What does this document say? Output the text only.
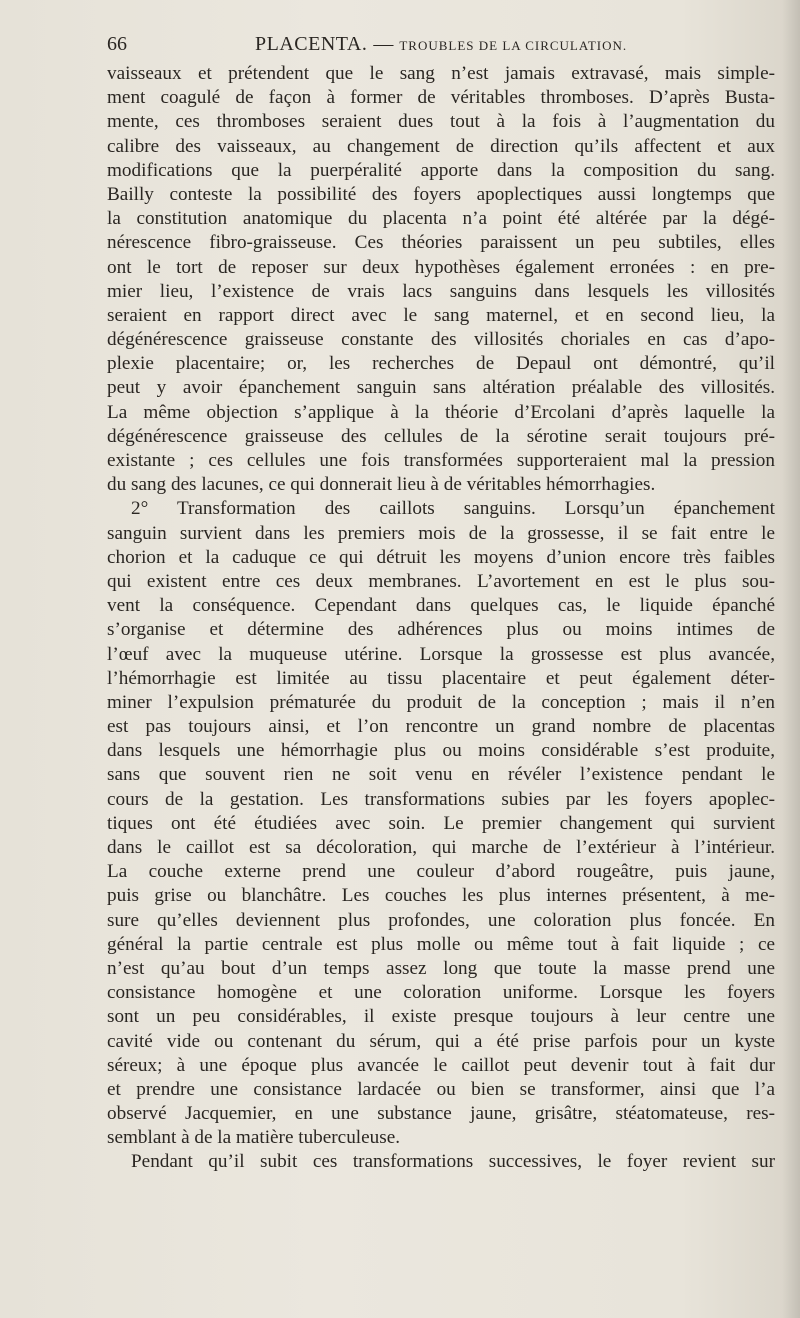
66	PLACENTA. — TROUBLES DE LA CIRCULATION.
vaisseaux et prétendent que le sang n’est jamais extravasé, mais simple-
ment coagulé de façon à former de véritables thromboses. D’après Busta-
mente, ces thromboses seraient dues tout à la fois à l’augmentation du
calibre des vaisseaux, au changement de direction qu’ils affectent et aux
modifications que la puerpéralité apporte dans la composition du sang.
Bailly conteste la possibilité des foyers apoplectiques aussi longtemps que
la constitution anatomique du placenta n’a point été altérée par la dégé-
nérescence fibro-graisseuse. Ces théories paraissent un peu subtiles, elles
ont le tort de reposer sur deux hypothèses également erronées : en pre-
mier lieu, l’existence de vrais lacs sanguins dans lesquels les villosités
seraient en rapport direct avec le sang maternel, et en second lieu, la
dégénérescence graisseuse constante des villosités choriales en cas d’apo-
plexie placentaire; or, les recherches de Depaul ont démontré, qu’il
peut y avoir épanchement sanguin sans altération préalable des villosités.
La même objection s’applique à la théorie d’Ercolani d’après laquelle la
dégénérescence graisseuse des cellules de la sérotine serait toujours pré-
existante ; ces cellules une fois transformées supporteraient mal la pression
du sang des lacunes, ce qui donnerait lieu à de véritables hémorrhagies.
2° Transformation des caillots sanguins. Lorsqu’un épanchement
sanguin survient dans les premiers mois de la grossesse, il se fait entre le
chorion et la caduque ce qui détruit les moyens d’union encore très faibles
qui existent entre ces deux membranes. L’avortement en est le plus sou-
vent la conséquence. Cependant dans quelques cas, le liquide épanché
s’organise et détermine des adhérences plus ou moins intimes de
l’œuf avec la muqueuse utérine. Lorsque la grossesse est plus avancée,
l’hémorrhagie est limitée au tissu placentaire et peut également déter-
miner l’expulsion prématurée du produit de la conception ; mais il n’en
est pas toujours ainsi, et l’on rencontre un grand nombre de placentas
dans lesquels une hémorrhagie plus ou moins considérable s’est produite,
sans que souvent rien ne soit venu en révéler l’existence pendant le
cours de la gestation. Les transformations subies par les foyers apoplec-
tiques ont été étudiées avec soin. Le premier changement qui survient
dans le caillot est sa décoloration, qui marche de l’extérieur à l’intérieur.
La couche externe prend une couleur d’abord rougeâtre, puis jaune,
puis grise ou blanchâtre. Les couches les plus internes présentent, à me-
sure qu’elles deviennent plus profondes, une coloration plus foncée. En
général la partie centrale est plus molle ou même tout à fait liquide ; ce
n’est qu’au bout d’un temps assez long que toute la masse prend une
consistance homogène et une coloration uniforme. Lorsque les foyers
sont un peu considérables, il existe presque toujours à leur centre une
cavité vide ou contenant du sérum, qui a été prise parfois pour un kyste
séreux; à une époque plus avancée le caillot peut devenir tout à fait dur
et prendre une consistance lardacée ou bien se transformer, ainsi que l’a
observé Jacquemier, en une substance jaune, grisâtre, stéatomateuse, res-
semblant à de la matière tuberculeuse.
Pendant qu’il subit ces transformations successives, le foyer revient sur
